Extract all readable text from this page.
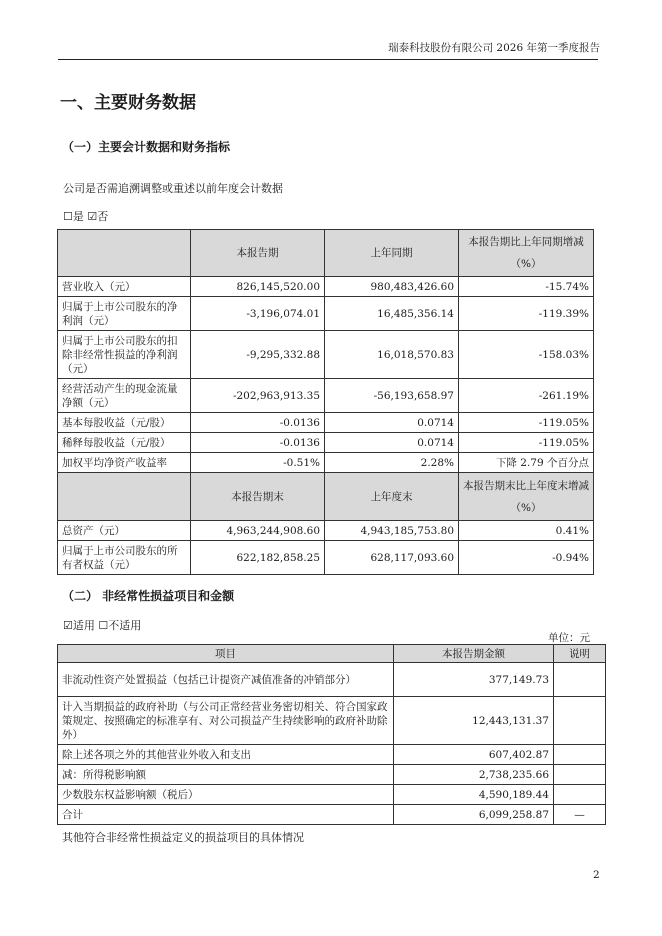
瑞泰科技股份有限公司 2026 年第一季度报告
一、主要财务数据
（一）主要会计数据和财务指标
公司是否需追溯调整或重述以前年度会计数据
☐是 ☑否
	本报告期	上年同期	本报告期比上年同期增减（%）
营业收入（元）	826,145,520.00	980,483,426.60	-15.74%
归属于上市公司股东的净利润（元）	-3,196,074.01	16,485,356.14	-119.39%
归属于上市公司股东的扣除非经常性损益的净利润（元）	-9,295,332.88	16,018,570.83	-158.03%
经营活动产生的现金流量净额（元）	-202,963,913.35	-56,193,658.97	-261.19%
基本每股收益（元/股）	-0.0136	0.0714	-119.05%
稀释每股收益（元/股）	-0.0136	0.0714	-119.05%
加权平均净资产收益率	-0.51%	2.28%	下降 2.79 个百分点
	本报告期末	上年度末	本报告期末比上年度末增减（%）
总资产（元）	4,963,244,908.60	4,943,185,753.80	0.41%
归属于上市公司股东的所有者权益（元）	622,182,858.25	628,117,093.60	-0.94%
（二） 非经常性损益项目和金额
☑适用 ☐不适用
单位：元
项目	本报告期金额	说明
非流动性资产处置损益（包括已计提资产减值准备的冲销部分）	377,149.73	
计入当期损益的政府补助（与公司正常经营业务密切相关、符合国家政策规定、按照确定的标准享有、对公司损益产生持续影响的政府补助除外）	12,443,131.37	
除上述各项之外的其他营业外收入和支出	607,402.87	
减：所得税影响额	2,738,235.66	
少数股东权益影响额（税后）	4,590,189.44	
合计	6,099,258.87	—
其他符合非经常性损益定义的损益项目的具体情况
2
